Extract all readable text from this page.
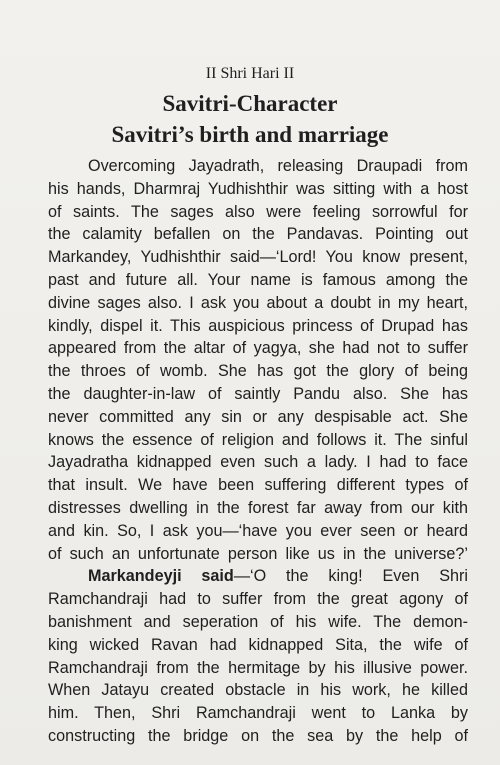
II Shri Hari II
Savitri-Character
Savitri’s birth and marriage

Overcoming Jayadrath, releasing Draupadi from
his hands, Dharmraj Yudhishthir was sitting with a host
of saints. The sages also were feeling sorrowful for
the calamity befallen on the Pandavas. Pointing out
Markandey, Yudhishthir said—‘Lord! You know present,
past and future all. Your name is famous among the
divine sages also. I ask you about a doubt in my heart,
kindly, dispel it. This auspicious princess of Drupad has
appeared from the altar of yagya, she had not to suffer
the throes of womb. She has got the glory of being
the daughter-in-law of saintly Pandu also. She has
never committed any sin or any despisable act. She
knows the essence of religion and follows it. The sinful
Jayadratha kidnapped even such a lady. I had to face
that insult. We have been suffering different types of
distresses dwelling in the forest far away from our kith
and kin. So, I ask you—‘have you ever seen or heard
of such an unfortunate person like us in the universe?’

Markandeyji said—‘O the king! Even Shri
Ramchandraji had to suffer from the great agony of
banishment and seperation of his wife. The demon-
king wicked Ravan had kidnapped Sita, the wife of
Ramchandraji from the hermitage by his illusive power.
When Jatayu created obstacle in his work, he killed
him. Then, Shri Ramchandraji went to Lanka by
constructing the bridge on the sea by the help of
